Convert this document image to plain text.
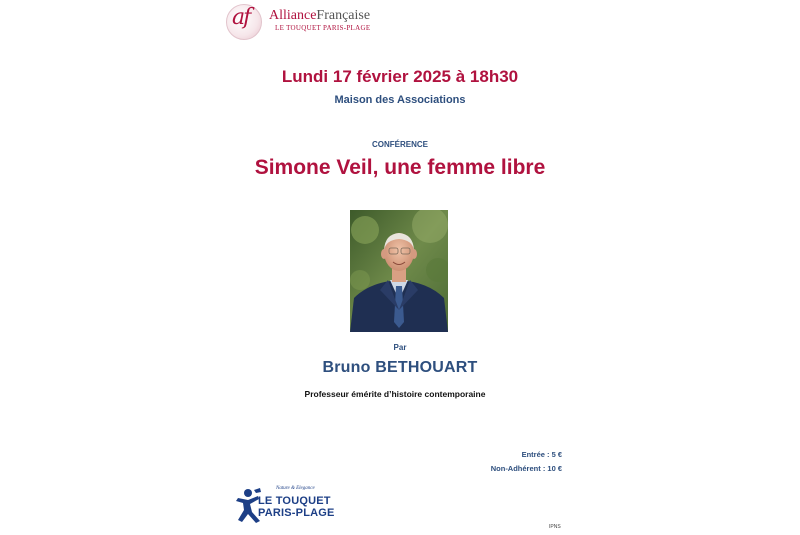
af AllianceFrançaise
LE TOUQUET PARIS-PLAGE
Lundi 17 février 2025 à 18h30
Maison des Associations
CONFÉRENCE
Simone Veil, une femme libre
Par
Bruno BETHOUART
Professeur émérite d’histoire contemporaine
Entrée : 5 €
Non-Adhérent : 10 €
Nature & Elegance
LE TOUQUET
PARIS-PLAGE
IPNS
